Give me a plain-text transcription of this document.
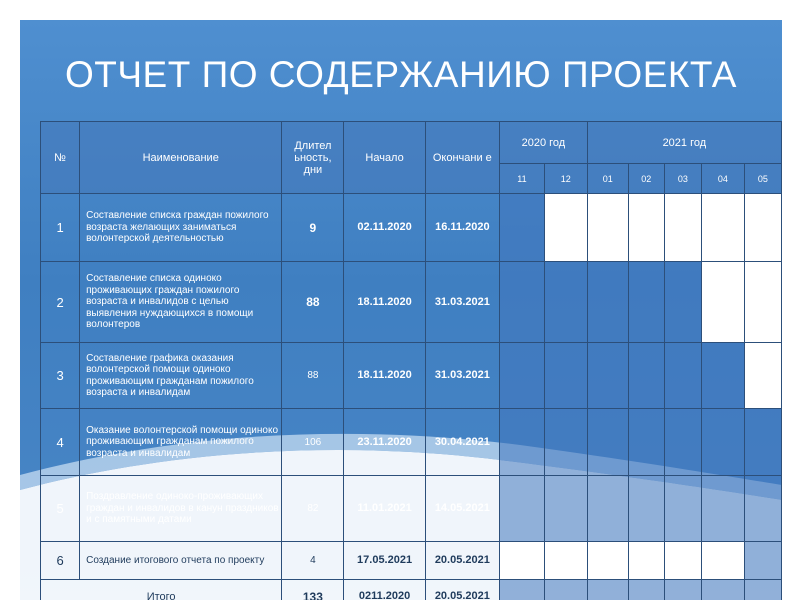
ОТЧЕТ ПО СОДЕРЖАНИЮ ПРОЕКТА
№	Наименование	Длител ьность, дни	Начало	Окончани е	2020 год		2021 год				
					11	12	01	02	03	04	05
1	Составление списка граждан пожилого возраста желающих заниматься волонтерской деятельностью	9	02.11.2020	16.11.2020							
2	Составление списка одиноко проживающих граждан пожилого возраста и инвалидов с целью выявления нуждающихся в помощи волонтеров	88	18.11.2020	31.03.2021							
3	Составление графика оказания волонтерской помощи одиноко проживающим гражданам пожилого возраста и инвалидам	88	18.11.2020	31.03.2021							
4	Оказание волонтерской помощи одиноко проживающим гражданам пожилого возраста и инвалидам	106	23.11.2020	30.04.2021							
5	Поздравление одиноко-проживающих граждан и инвалидов в канун праздников и с памятными датами	82	11.01.2021	14.05.2021							
6	Создание итогового отчета по проекту	4	17.05.2021	20.05.2021							
Итого		133	0211.2020	20.05.2021							
